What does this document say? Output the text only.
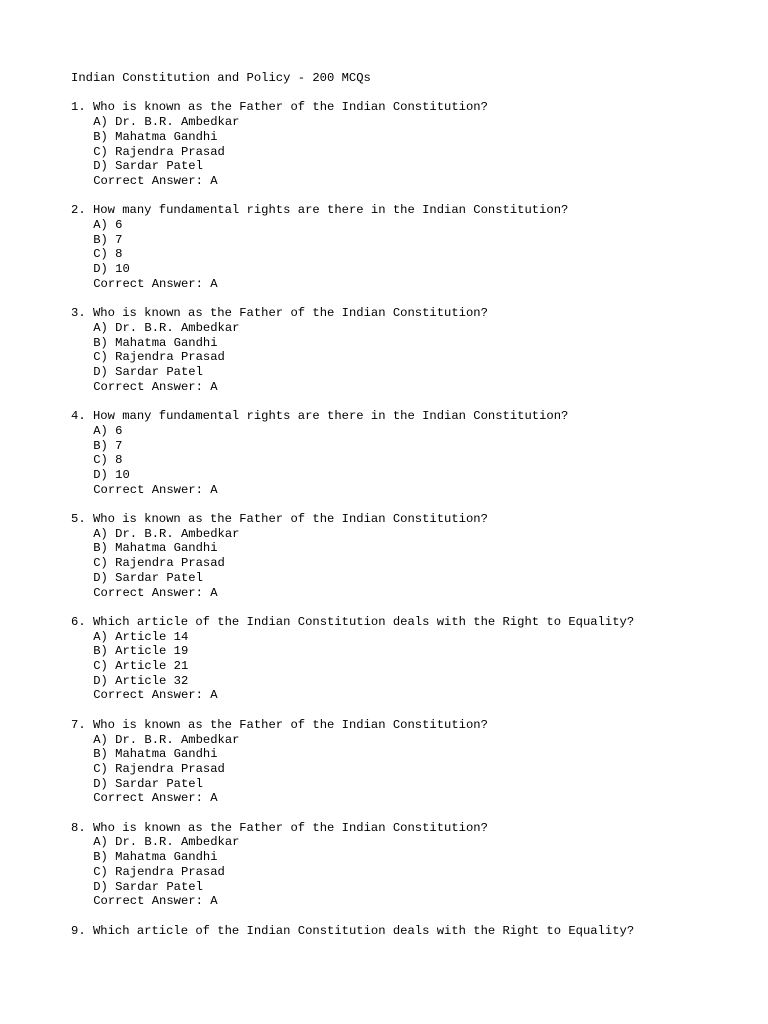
Indian Constitution and Policy - 200 MCQs
1. Who is known as the Father of the Indian Constitution?
A) Dr. B.R. Ambedkar
B) Mahatma Gandhi
C) Rajendra Prasad
D) Sardar Patel
Correct Answer: A
2. How many fundamental rights are there in the Indian Constitution?
A) 6
B) 7
C) 8
D) 10
Correct Answer: A
3. Who is known as the Father of the Indian Constitution?
A) Dr. B.R. Ambedkar
B) Mahatma Gandhi
C) Rajendra Prasad
D) Sardar Patel
Correct Answer: A
4. How many fundamental rights are there in the Indian Constitution?
A) 6
B) 7
C) 8
D) 10
Correct Answer: A
5. Who is known as the Father of the Indian Constitution?
A) Dr. B.R. Ambedkar
B) Mahatma Gandhi
C) Rajendra Prasad
D) Sardar Patel
Correct Answer: A
6. Which article of the Indian Constitution deals with the Right to Equality?
A) Article 14
B) Article 19
C) Article 21
D) Article 32
Correct Answer: A
7. Who is known as the Father of the Indian Constitution?
A) Dr. B.R. Ambedkar
B) Mahatma Gandhi
C) Rajendra Prasad
D) Sardar Patel
Correct Answer: A
8. Who is known as the Father of the Indian Constitution?
A) Dr. B.R. Ambedkar
B) Mahatma Gandhi
C) Rajendra Prasad
D) Sardar Patel
Correct Answer: A
9. Which article of the Indian Constitution deals with the Right to Equality?
